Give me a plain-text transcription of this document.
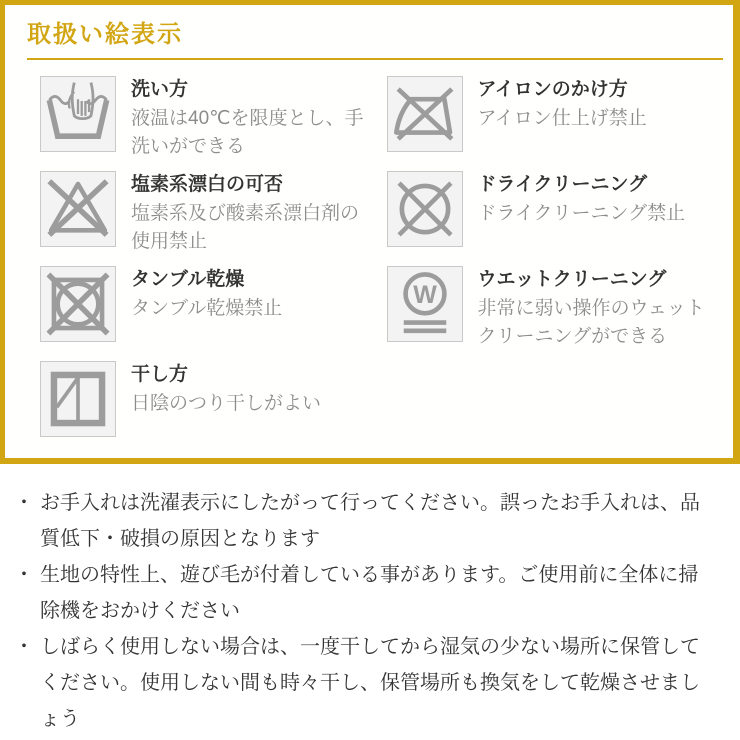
取扱い絵表示
洗い方
液温は40℃を限度とし、手洗いができる
塩素系漂白の可否
塩素系及び酸素系漂白剤の使用禁止
タンブル乾燥
タンブル乾燥禁止
干し方
日陰のつり干しがよい
アイロンのかけ方
アイロン仕上げ禁止
ドライクリーニング
ドライクリーニング禁止
W
ウエットクリーニング
非常に弱い操作のウェットクリーニングができる
・ お手入れは洗濯表示にしたがって行ってください。誤ったお手入れは、品質低下・破損の原因となります
・ 生地の特性上、遊び毛が付着している事があります。ご使用前に全体に掃除機をおかけください
・ しばらく使用しない場合は、一度干してから湿気の少ない場所に保管してください。使用しない間も時々干し、保管場所も換気をして乾燥させましょう
